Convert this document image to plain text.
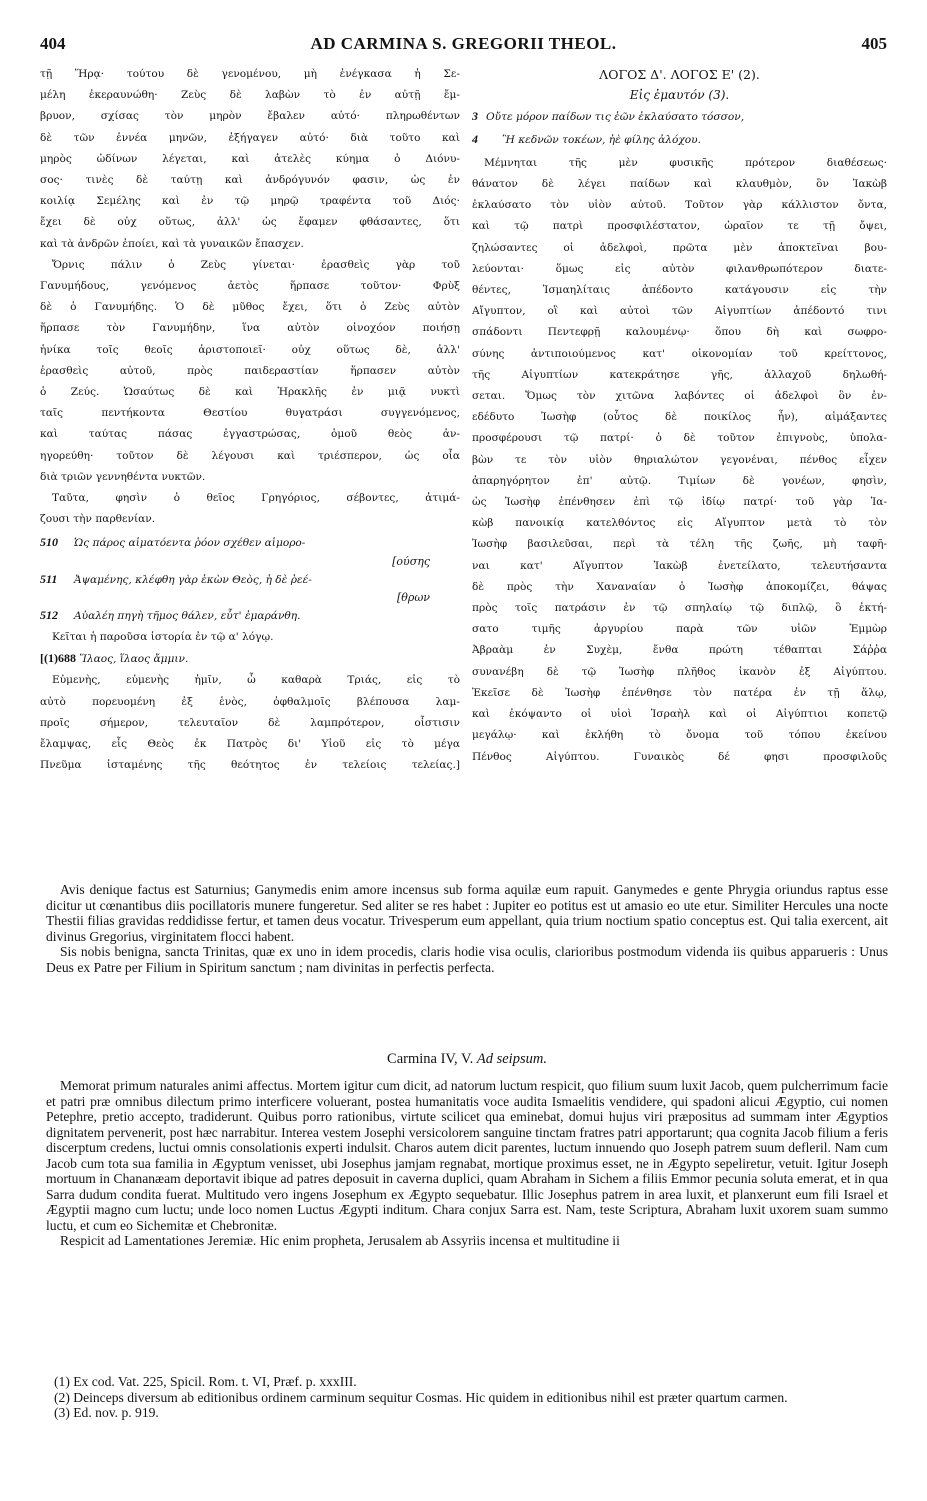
404	AD CARMINA S. GREGORII THEOL.	405

τῇ Ἥρᾳ· τούτου δὲ γενομένου, μὴ ἐνέγκασα ἡ Σε-

μέλη ἐκεραυνώθη· Ζεὺς δὲ λαβὼν τὸ ἐν αὐτῇ ἔμ-

βρυον, σχίσας τὸν μηρὸν ἔβαλεν αὐτό· πληρωθέντων

δὲ τῶν ἐννέα μηνῶν, ἐξήγαγεν αὐτό· διὰ τοῦτο καὶ

μηρὸς ὠδίνων λέγεται, καὶ ἀτελὲς κύημα ὁ Διόνυ-

σος· τινὲς δὲ ταύτῃ καὶ ἀνδρόγυνόν φασιν, ὡς ἐν

κοιλίᾳ Σεμέλης καὶ ἐν τῷ μηρῷ τραφέντα τοῦ Διός·

ἔχει δὲ οὐχ οὕτως, ἀλλ' ὡς ἔφαμεν φθάσαντες, ὅτι

καὶ τὰ ἀνδρῶν ἐποίει, καὶ τὰ γυναικῶν ἔπασχεν.

Ὄρνις πάλιν ὁ Ζεὺς γίνεται· ἐρασθεὶς γὰρ τοῦ

Γανυμήδους, γενόμενος ἀετὸς ἥρπασε τοῦτον· Φρὺξ

δὲ ὁ Γανυμήδης. Ὁ δὲ μῦθος ἔχει, ὅτι ὁ Ζεὺς αὐτὸν

ἥρπασε τὸν Γανυμήδην, ἵνα αὐτὸν οἰνοχόον ποιήσῃ

ἡνίκα τοῖς θεοῖς ἀριστοποιεῖ· οὐχ οὕτως δὲ, ἀλλ'

ἐρασθεὶς αὐτοῦ, πρὸς παιδεραστίαν ἥρπασεν αὐτὸν

ὁ Ζεύς. Ὡσαύτως δὲ καὶ Ἡρακλῆς ἐν μιᾷ νυκτὶ

ταῖς πεντήκοντα Θεστίου θυγατράσι συγγενόμενος,

καὶ ταύτας πάσας ἐγγαστρώσας, ὁμοῦ θεὸς ἀν-

ηγορεύθη· τοῦτον δὲ λέγουσι καὶ τριέσπερον, ὡς οἷα

διὰ τριῶν γεννηθέντα νυκτῶν.

Ταῦτα, φησὶν ὁ θεῖος Γρηγόριος, σέβοντες, ἀτιμά-

ζουσι τὴν παρθενίαν.

510 Ὡς πάρος αἱματόεντα ῥόον σχέθεν αἱμορο-

[ούσης

511 Ἀψαμένης, κλέφθη γὰρ ἑκὼν Θεὸς, ἡ δὲ ῥεέ-

[θρων

512 Αὐαλέη πηγὴ τῆμος θάλεν, εὖτ' ἐμαράνθη.

Κεῖται ἡ παροῦσα ἱστορία ἐν τῷ α' λόγῳ.

[(1)688 Ἵλαος, ἵλαος ἄμμιν.

Εὐμενὴς, εὐμενὴς ἡμῖν, ὦ καθαρὰ Τριάς, εἰς τὸ

αὐτὸ πορευομένη ἐξ ἑνὸς, ὀφθαλμοῖς βλέπουσα λαμ-

προῖς σήμερον, τελευταῖον δὲ λαμπρότερον, οἷστισιν

ἔλαμψας, εἷς Θεὸς ἐκ Πατρὸς δι' Υἱοῦ εἰς τὸ μέγα

Πνεῦμα ἱσταμένης τῆς θεότητος ἐν τελείοις τελείας.]

ΛΟΓΟΣ Δ'. ΛΟΓΟΣ Ε' (2).

Εἰς ἐμαυτόν (3).

3 Οὔτε μόρον παίδων τις ἑῶν ἐκλαύσατο τόσσον,

4 Ἢ κεδνῶν τοκέων, ἠὲ φίλης ἀλόχου.

Μέμνηται τῆς μὲν φυσικῆς πρότερον διαθέσεως·

θάνατον δὲ λέγει παίδων καὶ κλαυθμὸν, ὃν Ἰακὼβ

ἐκλαύσατο τὸν υἱὸν αὐτοῦ. Τοῦτον γὰρ κάλλιστον ὄντα,

καὶ τῷ πατρὶ προσφιλέστατον, ὡραῖον τε τῇ ὄψει,

ζηλώσαντες οἱ ἀδελφοὶ, πρῶτα μὲν ἀποκτεῖναι βου-

λεύονται· ὅμως εἰς αὐτὸν φιλανθρωπότερον διατε-

θέντες, Ἰσμαηλίταις ἀπέδοντο κατάγουσιν εἰς τὴν

Αἴγυπτον, οἳ καὶ αὐτοὶ τῶν Αἰγυπτίων ἀπέδοντό τινι

σπάδοντι Πεντεφρῇ καλουμένῳ· ὅπου δὴ καὶ σωφρο-

σύνης ἀντιποιούμενος κατ' οἰκονομίαν τοῦ κρείττονος,

τῆς Αἰγυπτίων κατεκράτησε γῆς, ἀλλαχοῦ δηλωθή-

σεται. Ὅμως τὸν χιτῶνα λαβόντες οἱ ἀδελφοὶ ὃν ἐν-

εδέδυτο Ἰωσὴφ (οὗτος δὲ ποικίλος ἦν), αἱμάξαντες

προσφέρουσι τῷ πατρί· ὁ δὲ τοῦτον ἐπιγνοὺς, ὑπολα-

βὼν τε τὸν υἱὸν θηριαλώτον γεγονέναι, πένθος εἶχεν

ἀπαρηγόρητον ἐπ' αὐτῷ. Τιμίων δὲ γονέων, φησὶν,

ὡς Ἰωσὴφ ἐπένθησεν ἐπὶ τῷ ἰδίῳ πατρί· τοῦ γὰρ Ἰα-

κὼβ πανοικίᾳ κατελθόντος εἰς Αἴγυπτον μετὰ τὸ τὸν

Ἰωσὴφ βασιλεῦσαι, περὶ τὰ τέλη τῆς ζωῆς, μὴ ταφῆ-

ναι κατ' Αἴγυπτον Ἰακὼβ ἐνετείλατο, τελευτήσαντα

δὲ πρὸς τὴν Χαναναίαν ὁ Ἰωσὴφ ἀποκομίζει, θάψας

πρὸς τοῖς πατράσιν ἐν τῷ σπηλαίῳ τῷ διπλῷ, ὃ ἐκτή-

σατο τιμῆς ἀργυρίου παρὰ τῶν υἱῶν Ἐμμὼρ

Ἀβραὰμ ἐν Συχὲμ, ἔνθα πρώτη τέθαπται Σάῤῥα

συνανέβη δὲ τῷ Ἰωσὴφ πλῆθος ἱκανὸν ἐξ Αἰγύπτου.

Ἐκεῖσε δὲ Ἰωσὴφ ἐπένθησε τὸν πατέρα ἐν τῇ ἅλῳ,

καὶ ἐκόψαντο οἱ υἱοὶ Ἰσραὴλ καὶ οἱ Αἰγύπτιοι κοπετῷ

μεγάλῳ· καὶ ἐκλήθη τὸ ὄνομα τοῦ τόπου ἐκείνου

Πένθος Αἰγύπτου. Γυναικὸς δέ φησι προσφιλοῦς

Avis denique factus est Saturnius; Ganymedis enim amore incensus sub forma aquilæ eum rapuit. Ganymedes e gente Phrygia oriundus raptus esse dicitur ut cœnantibus diis pocillatoris munere fungeretur. Sed aliter se res habet : Jupiter eo potitus est ut amasio eo ute etur. Similiter Hercules una nocte Thestii filias gravidas reddidisse fertur, et tamen deus vocatur. Trivesperum eum appellant, quia trium noctium spatio conceptus est. Qui talia exercent, ait divinus Gregorius, virginitatem flocci habent.

Sis nobis benigna, sancta Trinitas, quæ ex uno in idem procedis, claris hodie visa oculis, clarioribus postmodum videnda iis quibus apparueris : Unus Deus ex Patre per Filium in Spiritum sanctum ; nam divinitas in perfectis perfecta.

Carmina IV, V. Ad seipsum.

Memorat primum naturales animi affectus. Mortem igitur cum dicit, ad natorum luctum respicit, quo filium suum luxit Jacob, quem pulcherrimum facie et patri præ omnibus dilectum primo interficere voluerant, postea humanitatis voce audita Ismaelitis vendidere, qui spadoni alicui Ægyptio, cui nomen Petephre, pretio accepto, tradiderunt. Quibus porro rationibus, virtute scilicet qua eminebat, domui hujus viri præpositus ad summam inter Ægyptios dignitatem pervenerit, post hæc narrabitur. Interea vestem Josephi versicolorem sanguine tinctam fratres patri apportarunt; qua cognita Jacob filium a feris discerptum credens, luctui omnis consolationis experti indulsit. Charos autem dicit parentes, luctum innuendo quo Joseph patrem suum defleril. Nam cum Jacob cum tota sua familia in Ægyptum venisset, ubi Josephus jamjam regnabat, mortique proximus esset, ne in Ægypto sepeliretur, vetuit. Igitur Joseph mortuum in Chananæam deportavit ibique ad patres deposuit in caverna duplici, quam Abraham in Sichem a filiis Emmor pecunia soluta emerat, et in qua Sarra dudum condita fuerat. Multitudo vero ingens Josephum ex Ægypto sequebatur. Illic Josephus patrem in area luxit, et planxerunt eum fili Israel et Ægyptii magno cum luctu; unde loco nomen Luctus Ægypti inditum. Chara conjux Sarra est. Nam, teste Scriptura, Abraham luxit uxorem suam summo luctu, et cum eo Sichemitæ et Chebronitæ.

Respicit ad Lamentationes Jeremiæ. Hic enim propheta, Jerusalem ab Assyriis incensa et multitudine ii

(1) Ex cod. Vat. 225, Spicil. Rom. t. VI, Præf. p. xxxIII.

(2) Deinceps diversum ab editionibus ordinem carminum sequitur Cosmas. Hic quidem in editionibus nihil est præter quartum carmen.

(3) Ed. nov. p. 919.
